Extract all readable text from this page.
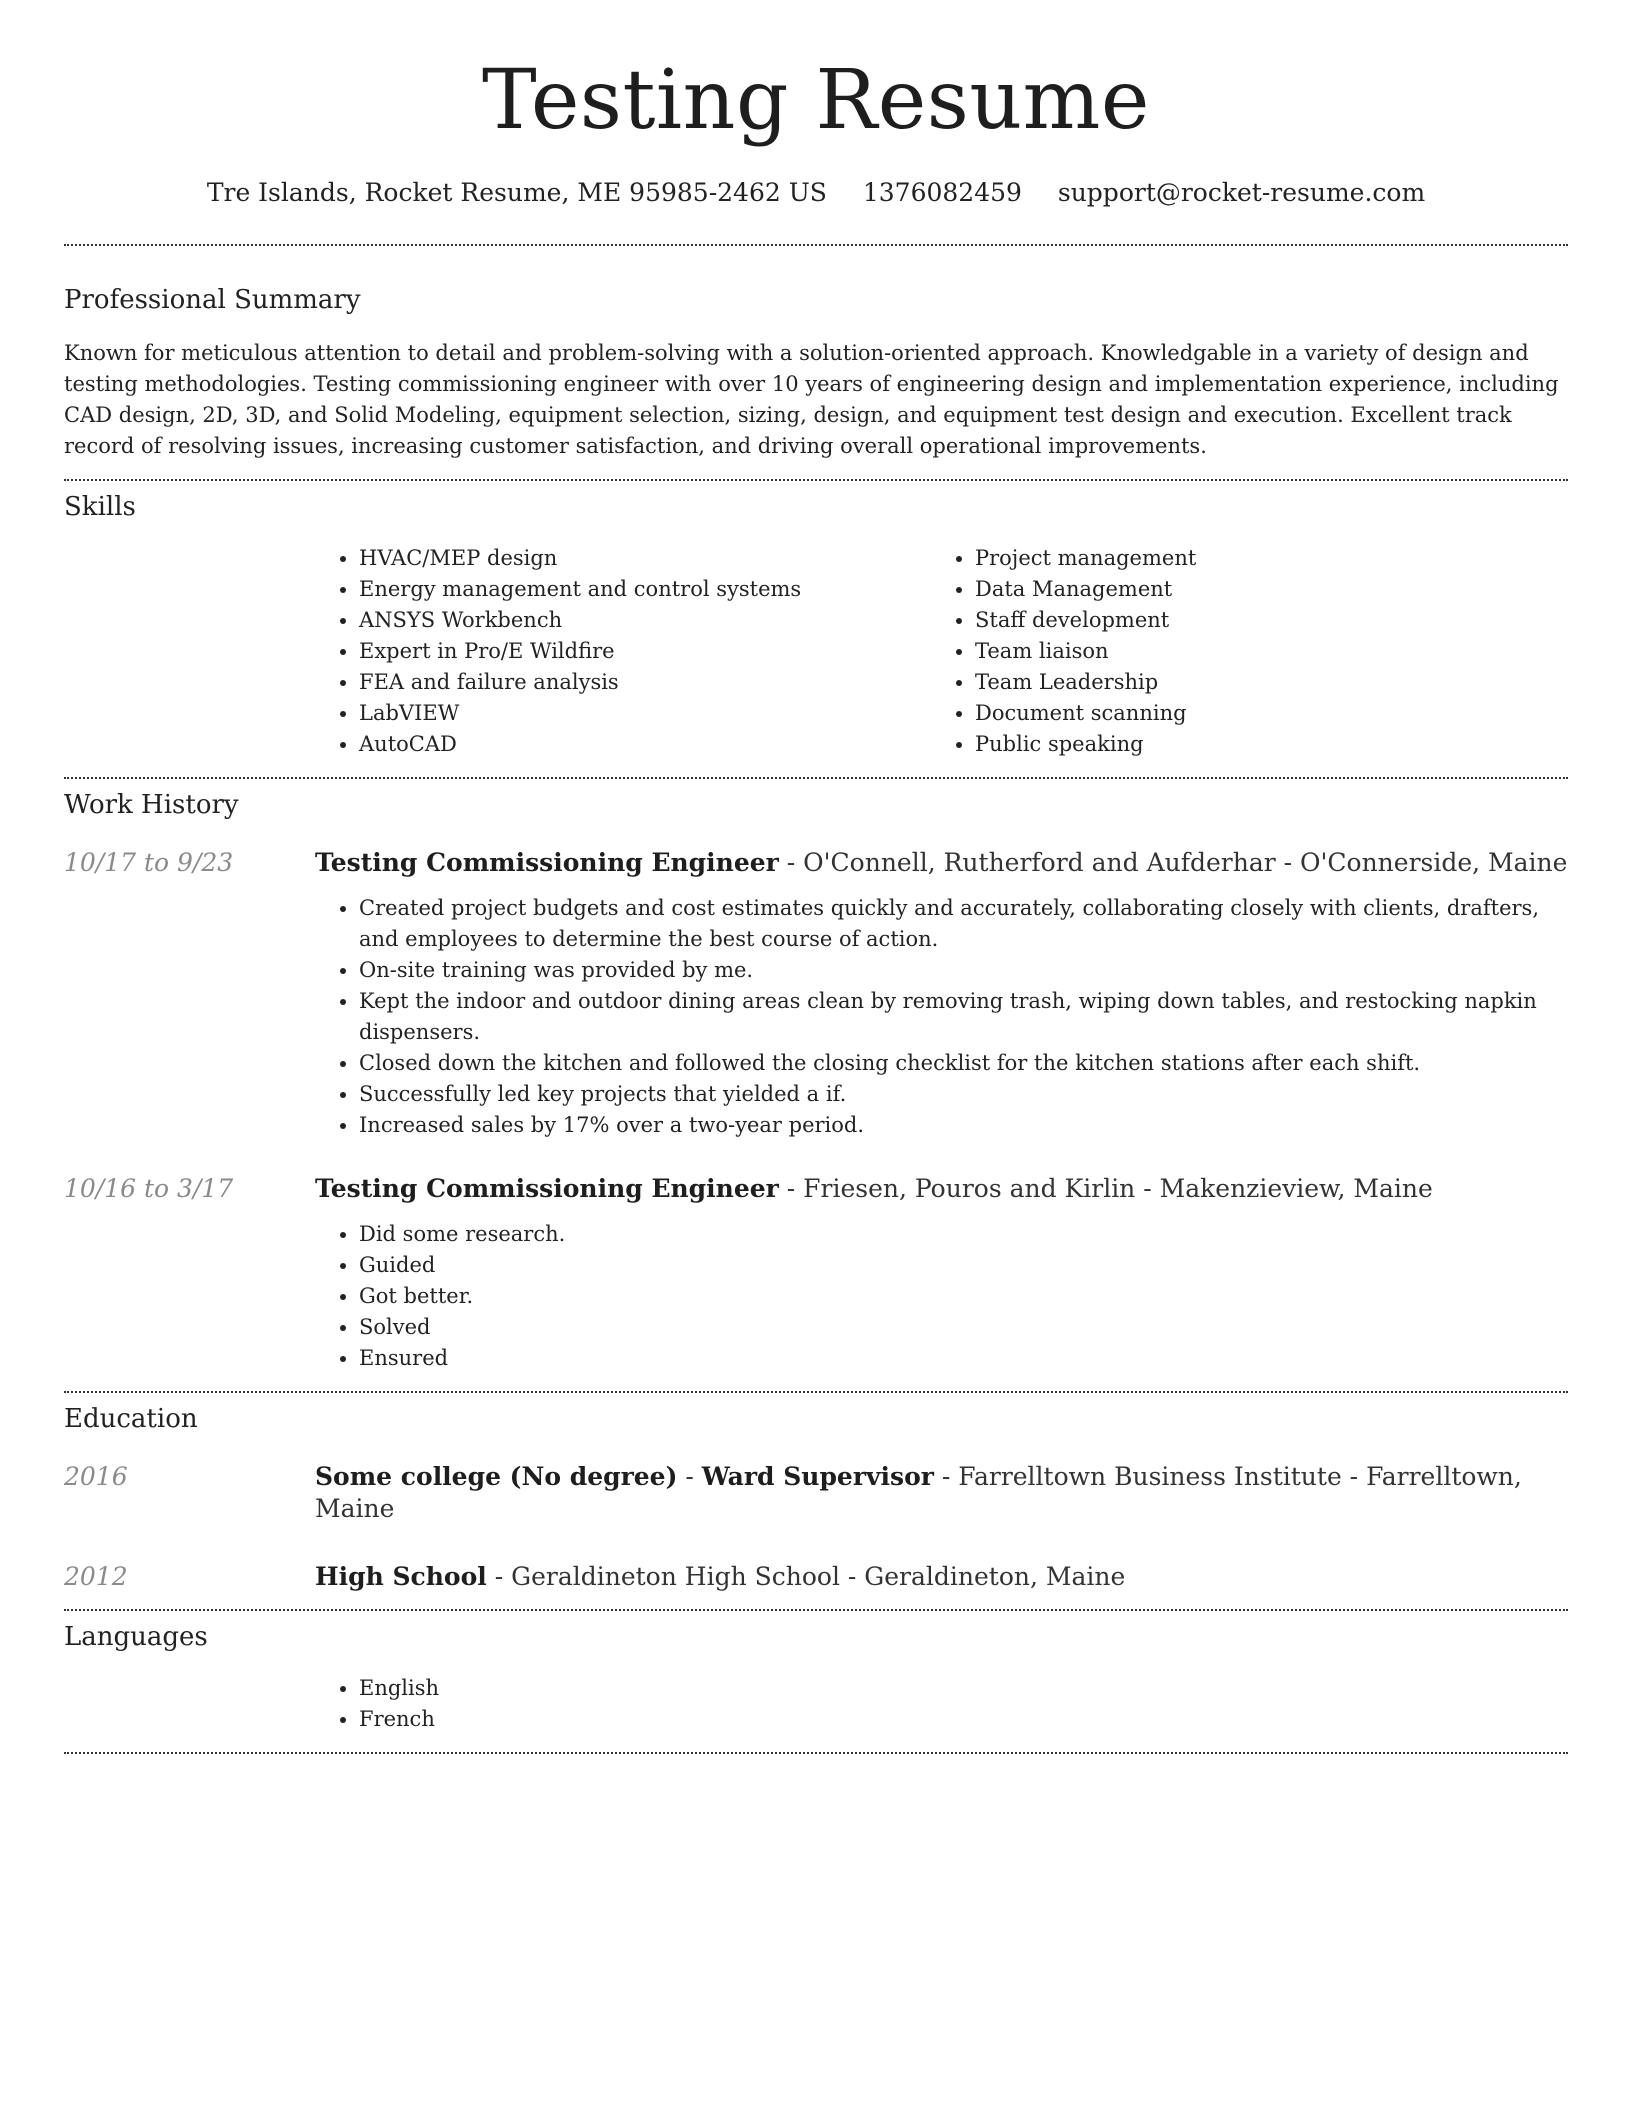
Testing Resume
Tre Islands, Rocket Resume, ME 95985-2462 US 1376082459 support@rocket-resume.com
Professional Summary

Known for meticulous attention to detail and problem-solving with a solution-oriented approach. Knowledgable in a variety of design and testing methodologies. Testing commissioning engineer with over 10 years of engineering design and implementation experience, including CAD design, 2D, 3D, and Solid Modeling, equipment selection, sizing, design, and equipment test design and execution. Excellent track record of resolving issues, increasing customer satisfaction, and driving overall operational improvements.

Skills
• HVAC/MEP design
• Energy management and control systems
• ANSYS Workbench
• Expert in Pro/E Wildfire
• FEA and failure analysis
• LabVIEW
• AutoCAD
• Project management
• Data Management
• Staff development
• Team liaison
• Team Leadership
• Document scanning
• Public speaking
Work History
10/17 to 9/23	Testing Commissioning Engineer - O'Connell, Rutherford and Aufderhar - O'Connerside, Maine
• Created project budgets and cost estimates quickly and accurately, collaborating closely with clients, drafters, and employees to determine the best course of action.
• On-site training was provided by me.
• Kept the indoor and outdoor dining areas clean by removing trash, wiping down tables, and restocking napkin dispensers.
• Closed down the kitchen and followed the closing checklist for the kitchen stations after each shift.
• Successfully led key projects that yielded a if.
• Increased sales by 17% over a two-year period.
10/16 to 3/17	Testing Commissioning Engineer - Friesen, Pouros and Kirlin - Makenzieview, Maine
• Did some research.
• Guided
• Got better.
• Solved
• Ensured
Education
2016	Some college (No degree) - Ward Supervisor - Farrelltown Business Institute - Farrelltown, Maine
2012	High School - Geraldineton High School - Geraldineton, Maine
Languages
• English
• French
